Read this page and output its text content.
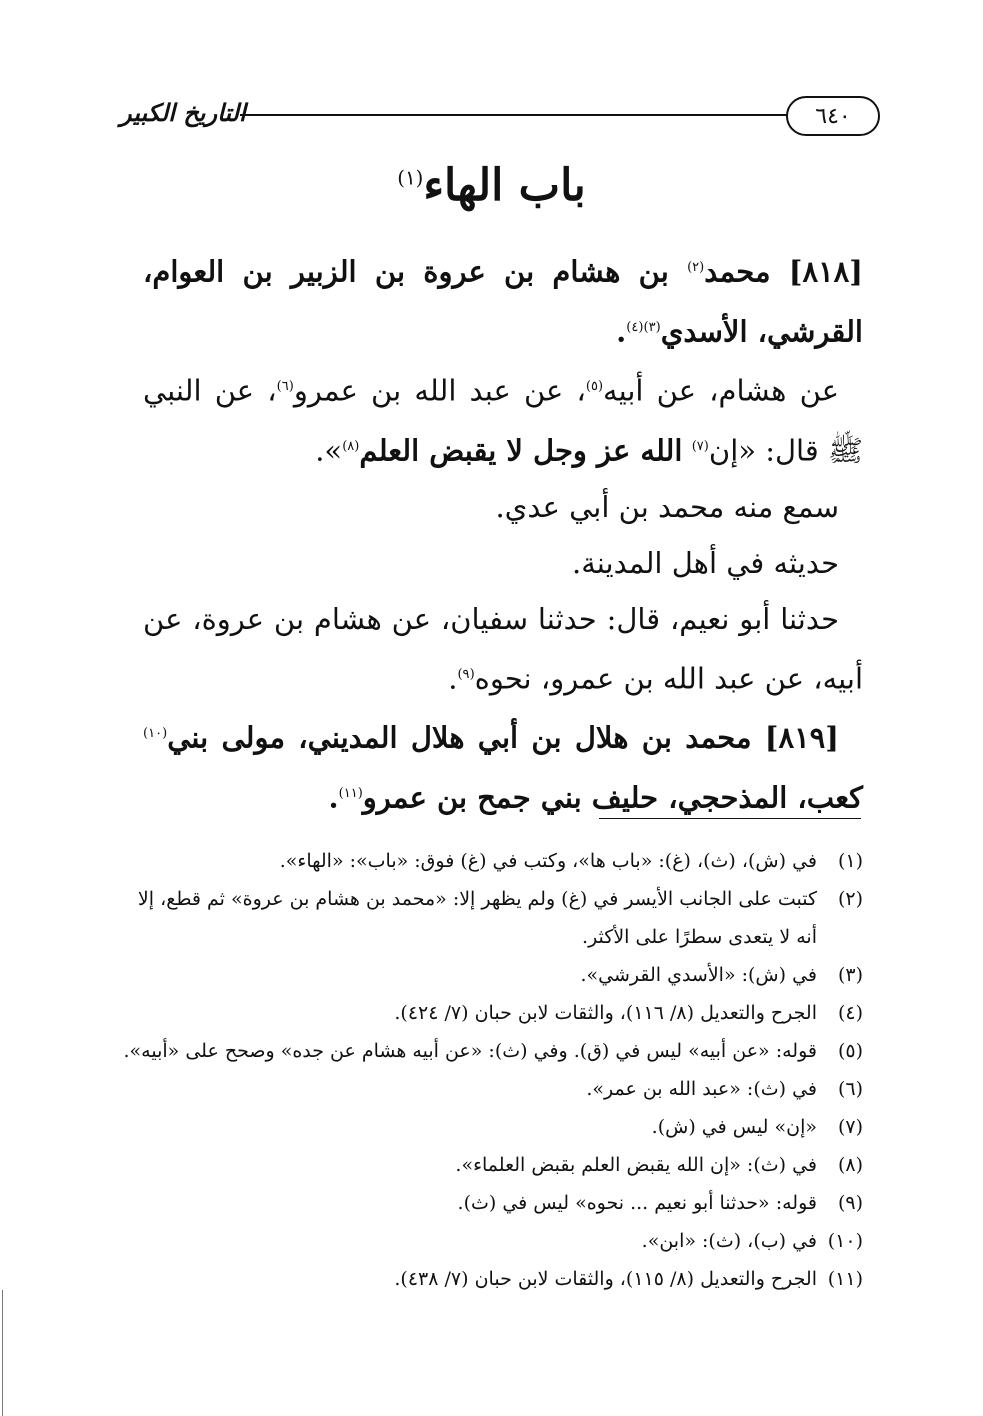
٦٤٠
التاريخ الكبير
باب الهاء$^{(١)}$

[٨١٨] محمد$^{(٢)}$ بن هشام بن عروة بن الزبير بن العوام، القرشي، الأسدي$^{(٣)(٤)}$.

عن هشام، عن أبيه$^{(٥)}$، عن عبد الله بن عمرو$^{(٦)}$، عن النبي ﷺ قال: «إن$^{(٧)}$ الله عز وجل لا يقبض العلم$^{(٨)}$».

سمع منه محمد بن أبي عدي.

حديثه في أهل المدينة.

حدثنا أبو نعيم، قال: حدثنا سفيان، عن هشام بن عروة، عن أبيه، عن عبد الله بن عمرو، نحوه$^{(٩)}$.

[٨١٩] محمد بن هلال بن أبي هلال المديني، مولى بني$^{(١٠)}$ كعب، المذحجي، حليف بني جمح بن عمرو$^{(١١)}$.

(١)
في (ش)، (ث)، (غ): «باب ها»، وكتب في (غ) فوق: «باب»: «الهاء».
(٢)
كتبت على الجانب الأيسر في (غ) ولم يظهر إلا: «محمد بن هشام بن عروة» ثم قطع، إلا أنه لا يتعدى سطرًا على الأكثر.
(٣)
في (ش): «الأسدي القرشي».
(٤)
الجرح والتعديل (٨/ ١١٦)، والثقات لابن حبان (٧/ ٤٢٤).
(٥)
قوله: «عن أبيه» ليس في (ق). وفي (ث): «عن أبيه هشام عن جده» وصحح على «أبيه».
(٦)
في (ث): «عبد الله بن عمر».
(٧)
«إن» ليس في (ش).
(٨)
في (ث): «إن الله يقبض العلم بقبض العلماء».
(٩)
قوله: «حدثنا أبو نعيم ... نحوه» ليس في (ث).
(١٠)
في (ب)، (ث): «ابن».
(١١)
الجرح والتعديل (٨/ ١١٥)، والثقات لابن حبان (٧/ ٤٣٨).
